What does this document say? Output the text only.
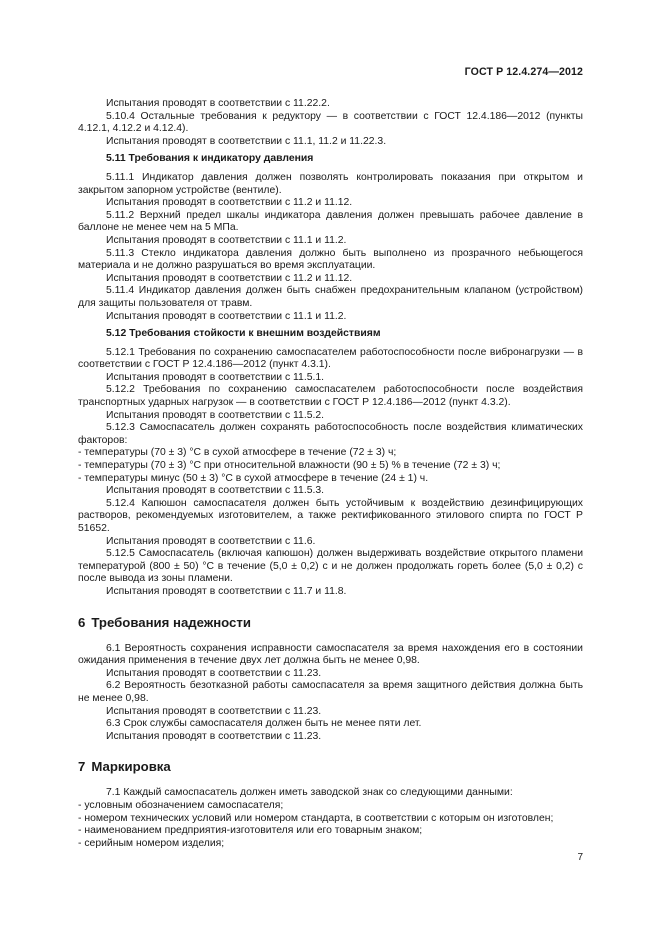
ГОСТ Р 12.4.274—2012

Испытания проводят в соответствии с 11.22.2.

5.10.4 Остальные требования к редуктору — в соответствии с ГОСТ 12.4.186—2012 (пункты 4.12.1, 4.12.2 и 4.12.4).

Испытания проводят в соответствии с 11.1, 11.2 и 11.22.3.

5.11 Требования к индикатору давления

5.11.1 Индикатор давления должен позволять контролировать показания при открытом и закрытом запорном устройстве (вентиле).

Испытания проводят в соответствии с 11.2 и 11.12.

5.11.2 Верхний предел шкалы индикатора давления должен превышать рабочее давление в баллоне не менее чем на 5 МПа.

Испытания проводят в соответствии с 11.1 и 11.2.

5.11.3 Стекло индикатора давления должно быть выполнено из прозрачного небьющегося материала и не должно разрушаться во время эксплуатации.

Испытания проводят в соответствии с 11.2 и 11.12.

5.11.4 Индикатор давления должен быть снабжен предохранительным клапаном (устройством) для защиты пользователя от травм.

Испытания проводят в соответствии с 11.1 и 11.2.

5.12 Требования стойкости к внешним воздействиям

5.12.1 Требования по сохранению самоспасателем работоспособности после вибронагрузки — в соответствии с ГОСТ Р 12.4.186—2012 (пункт 4.3.1).

Испытания проводят в соответствии с 11.5.1.

5.12.2 Требования по сохранению самоспасателем работоспособности после воздействия транспортных ударных нагрузок — в соответствии с ГОСТ Р 12.4.186—2012 (пункт 4.3.2).

Испытания проводят в соответствии с 11.5.2.

5.12.3 Самоспасатель должен сохранять работоспособность после воздействия климатических факторов:

- температуры (70 ± 3) °С в сухой атмосфере в течение (72 ± 3) ч;

- температуры (70 ± 3) °С при относительной влажности (90 ± 5) % в течение (72 ± 3) ч;

- температуры минус (50 ± 3) °С в сухой атмосфере в течение (24 ± 1) ч.

Испытания проводят в соответствии с 11.5.3.

5.12.4 Капюшон самоспасателя должен быть устойчивым к воздействию дезинфицирующих растворов, рекомендуемых изготовителем, а также ректификованного этилового спирта по ГОСТ Р 51652.

Испытания проводят в соответствии с 11.6.

5.12.5 Самоспасатель (включая капюшон) должен выдерживать воздействие открытого пламени температурой (800 ± 50) °С в течение (5,0 ± 0,2) с и не должен продолжать гореть более (5,0 ± 0,2) с после вывода из зоны пламени.

Испытания проводят в соответствии с 11.7 и 11.8.

6 Требования надежности

6.1 Вероятность сохранения исправности самоспасателя за время нахождения его в состоянии ожидания применения в течение двух лет должна быть не менее 0,98.

Испытания проводят в соответствии с 11.23.

6.2 Вероятность безотказной работы самоспасателя за время защитного действия должна быть не менее 0,98.

Испытания проводят в соответствии с 11.23.

6.3 Срок службы самоспасателя должен быть не менее пяти лет.

Испытания проводят в соответствии с 11.23.

7 Маркировка

7.1 Каждый самоспасатель должен иметь заводской знак со следующими данными:

- условным обозначением самоспасателя;

- номером технических условий или номером стандарта, в соответствии с которым он изготовлен;

- наименованием предприятия-изготовителя или его товарным знаком;

- серийным номером изделия;

7
